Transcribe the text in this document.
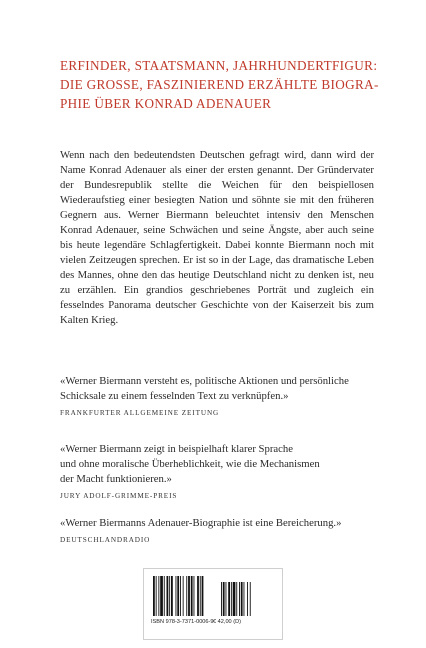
ERFINDER, STAATSMANN, JAHRHUNDERTFIGUR:
DIE GROSSE, FASZINIEREND ERZÄHLTE BIOGRA-
PHIE ÜBER KONRAD ADENAUER

Wenn nach den bedeutendsten Deutschen gefragt wird, dann wird der Name Konrad Adenauer als einer der ersten genannt. Der Gründervater der Bundesrepublik stellte die Weichen für den beispiellosen Wiederaufstieg einer besiegten Nation und söhnte sie mit den früheren Gegnern aus. Werner Biermann beleuchtet intensiv den Menschen Konrad Adenauer, seine Schwächen und seine Ängste, aber auch seine bis heute legendäre Schlagfertigkeit. Dabei konnte Biermann noch mit vielen Zeitzeugen sprechen. Er ist so in der Lage, das dramatische Leben des Mannes, ohne den das heutige Deutschland nicht zu denken ist, neu zu erzählen. Ein grandios geschriebenes Porträt und zugleich ein fesselndes Panorama deutscher Geschichte von der Kaiserzeit bis zum Kalten Krieg.

«Werner Biermann versteht es, politische Aktionen und persönliche
Schicksale zu einem fesselnden Text zu verknüpfen.»
FRANKFURTER ALLGEMEINE ZEITUNG
«Werner Biermann zeigt in beispielhaft klarer Sprache
und ohne moralische Überheblichkeit, wie die Mechanismen
der Macht funktionieren.»
JURY ADOLF-GRIMME-PREIS
«Werner Biermanns Adenauer-Biographie ist eine Bereicherung.»
DEUTSCHLANDRADIO
ISBN 978-3-7371-0006-9 € 42,00 (D)
